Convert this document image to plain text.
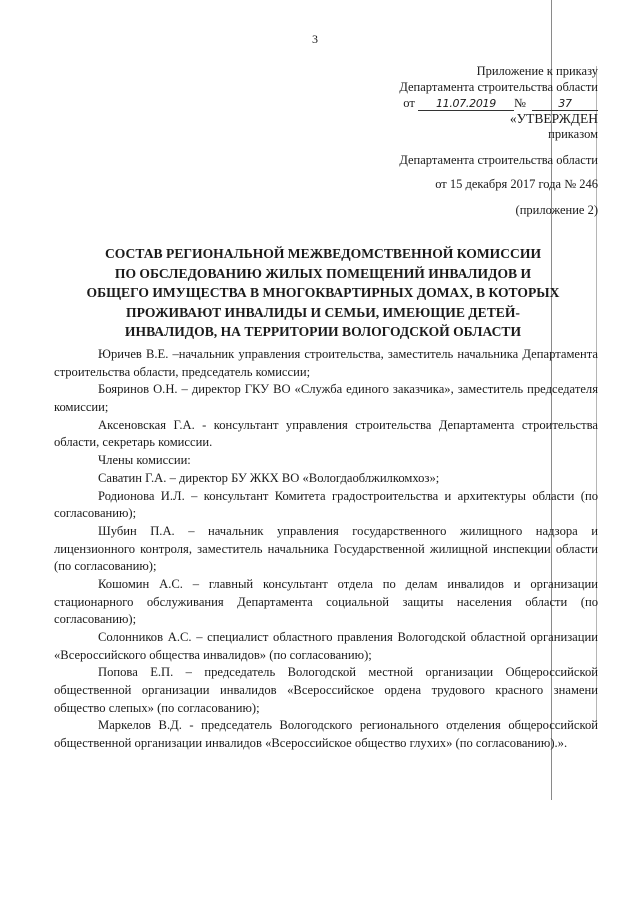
3
Приложение к приказу
Департамента строительства области
от 11.07.2019 №	37
«УТВЕРЖДЕН
приказом
Департамента строительства области
от 15 декабря 2017 года № 246
(приложение 2)
СОСТАВ РЕГИОНАЛЬНОЙ МЕЖВЕДОМСТВЕННОЙ КОМИССИИ
ПО ОБСЛЕДОВАНИЮ ЖИЛЫХ ПОМЕЩЕНИЙ ИНВАЛИДОВ И
ОБЩЕГО ИМУЩЕСТВА В МНОГОКВАРТИРНЫХ ДОМАХ, В КОТОРЫХ
ПРОЖИВАЮТ ИНВАЛИДЫ И СЕМЬИ, ИМЕЮЩИЕ ДЕТЕЙ-
ИНВАЛИДОВ, НА ТЕРРИТОРИИ ВОЛОГОДСКОЙ ОБЛАСТИ

Юричев В.Е. –начальник управления строительства, заместитель начальника Департамента строительства области, председатель комиссии;

Бояринов О.Н. – директор ГКУ ВО «Служба единого заказчика», заместитель председателя комиссии;

Аксеновская Г.А. - консультант управления строительства Департамента строительства области, секретарь комиссии.

Члены комиссии:

Саватин Г.А. – директор БУ ЖКХ ВО «Вологдаоблжилкомхоз»;

Родионова И.Л. – консультант Комитета градостроительства и архитектуры области (по согласованию);

Шубин П.А. – начальник управления государственного жилищного надзора и лицензионного контроля, заместитель начальника Государственной жилищной инспекции области (по согласованию);

Кошомин А.С. – главный консультант отдела по делам инвалидов и организации стационарного обслуживания Департамента социальной защиты населения области (по согласованию);

Солонников А.С. – специалист областного правления Вологодской областной организации «Всероссийского общества инвалидов» (по согласованию);

Попова Е.П. – председатель Вологодской местной организации Общероссийской общественной организации инвалидов «Всероссийское ордена трудового красного знамени общество слепых» (по согласованию);

Маркелов В.Д. - председатель Вологодского регионального отделения общероссийской общественной организации инвалидов «Всероссийское общество глухих» (по согласованию).».
